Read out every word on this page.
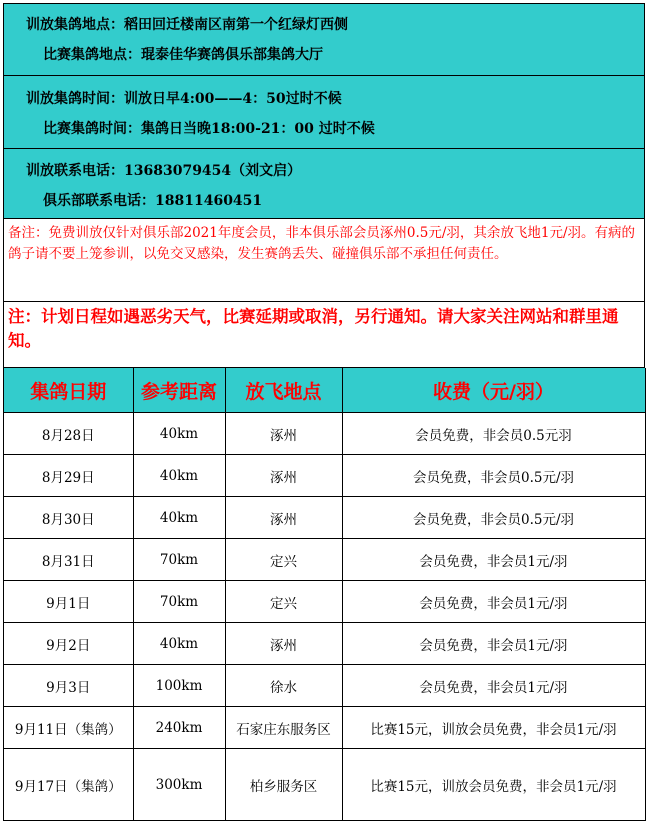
训放集鸽地点：稻田回迁楼南区南第一个红绿灯西侧
比赛集鸽地点：琨泰佳华赛鸽俱乐部集鸽大厅
训放集鸽时间：训放日早4:00——4：50过时不候
比赛集鸽时间：集鸽日当晚18:00-21：00 过时不候
训放联系电话：13683079454（刘文启）
俱乐部联系电话：18811460451
备注：免费训放仅针对俱乐部2021年度会员，非本俱乐部会员涿州0.5元/羽，其余放飞地1元/羽。有病的鸽子请不要上笼参训，以免交叉感染，发生赛鸽丢失、碰撞俱乐部不承担任何责任。
注：计划日程如遇恶劣天气，比赛延期或取消，另行通知。请大家关注网站和群里通知。
集鸽日期	参考距离	放飞地点	收费（元/羽）
8月28日	40km	涿州	会员免费，非会员0.5元羽
8月29日	40km	涿州	会员免费，非会员0.5元/羽
8月30日	40km	涿州	会员免费，非会员0.5元/羽
8月31日	70km	定兴	会员免费，非会员1元/羽
9月1日	70km	定兴	会员免费，非会员1元/羽
9月2日	40km	涿州	会员免费，非会员1元/羽
9月3日	100km	徐水	会员免费，非会员1元/羽
9月11日（集鸽）	240km	石家庄东服务区	比赛15元，训放会员免费，非会员1元/羽
9月17日（集鸽）	300km	柏乡服务区	比赛15元，训放会员免费，非会员1元/羽
